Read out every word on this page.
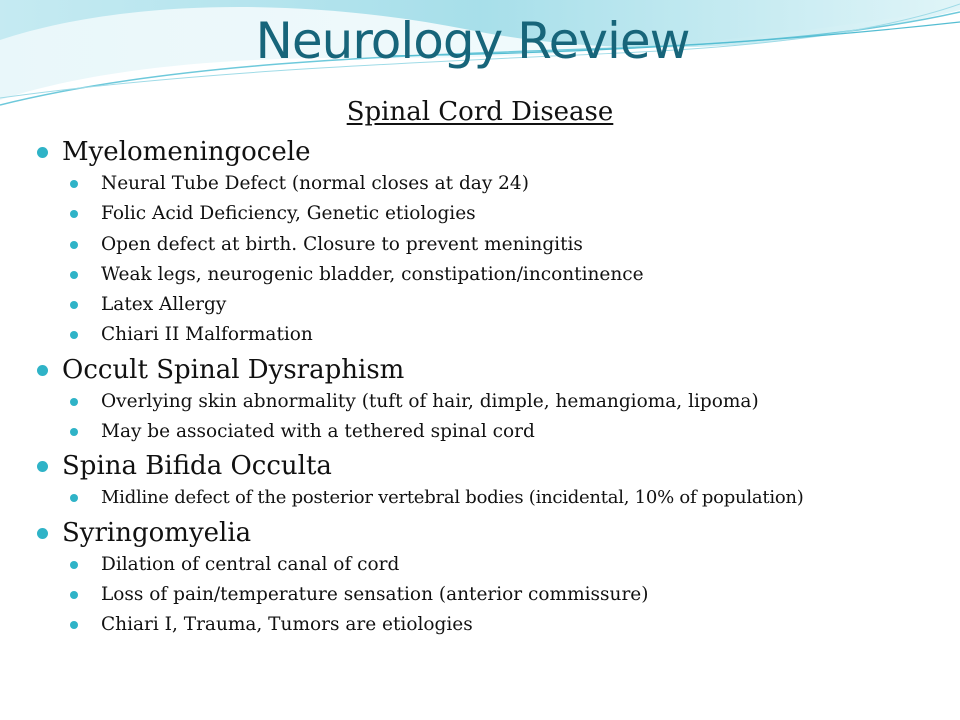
Neurology Review
Spinal Cord Disease
Myelomeningocele
Neural Tube Defect (normal closes at day 24)
Folic Acid Deficiency, Genetic etiologies
Open defect at birth. Closure to prevent meningitis
Weak legs, neurogenic bladder, constipation/incontinence
Latex Allergy
Chiari II Malformation
Occult Spinal Dysraphism
Overlying skin abnormality (tuft of hair, dimple, hemangioma, lipoma)
May be associated with a tethered spinal cord
Spina Bifida Occulta
Midline defect of the posterior vertebral bodies (incidental, 10% of population)
Syringomyelia
Dilation of central canal of cord
Loss of pain/temperature sensation (anterior commissure)
Chiari I, Trauma, Tumors are etiologies
